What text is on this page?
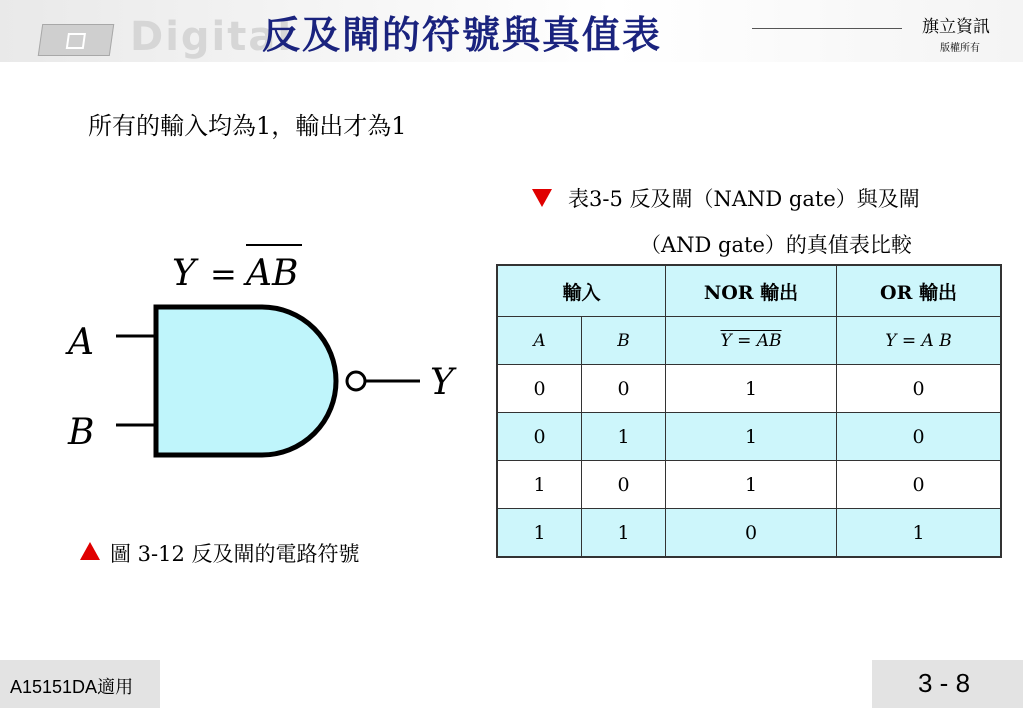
Digital
反及閘的符號與真值表	旗立資訊
版權所有
所有的輸入均為1，輸出才為1
Y = AB
A
B
Y
圖 3-12 反及閘的電路符號
表3-5 反及閘（NAND gate）與及閘
（AND gate）的真值表比較
輸入		NOR 輸出	OR 輸出
A	B	Y = AB	Y = A B
0	0	1	0
0	1	1	0
1	0	1	0
1	1	0	1
A15151DA適用	3 - 8
